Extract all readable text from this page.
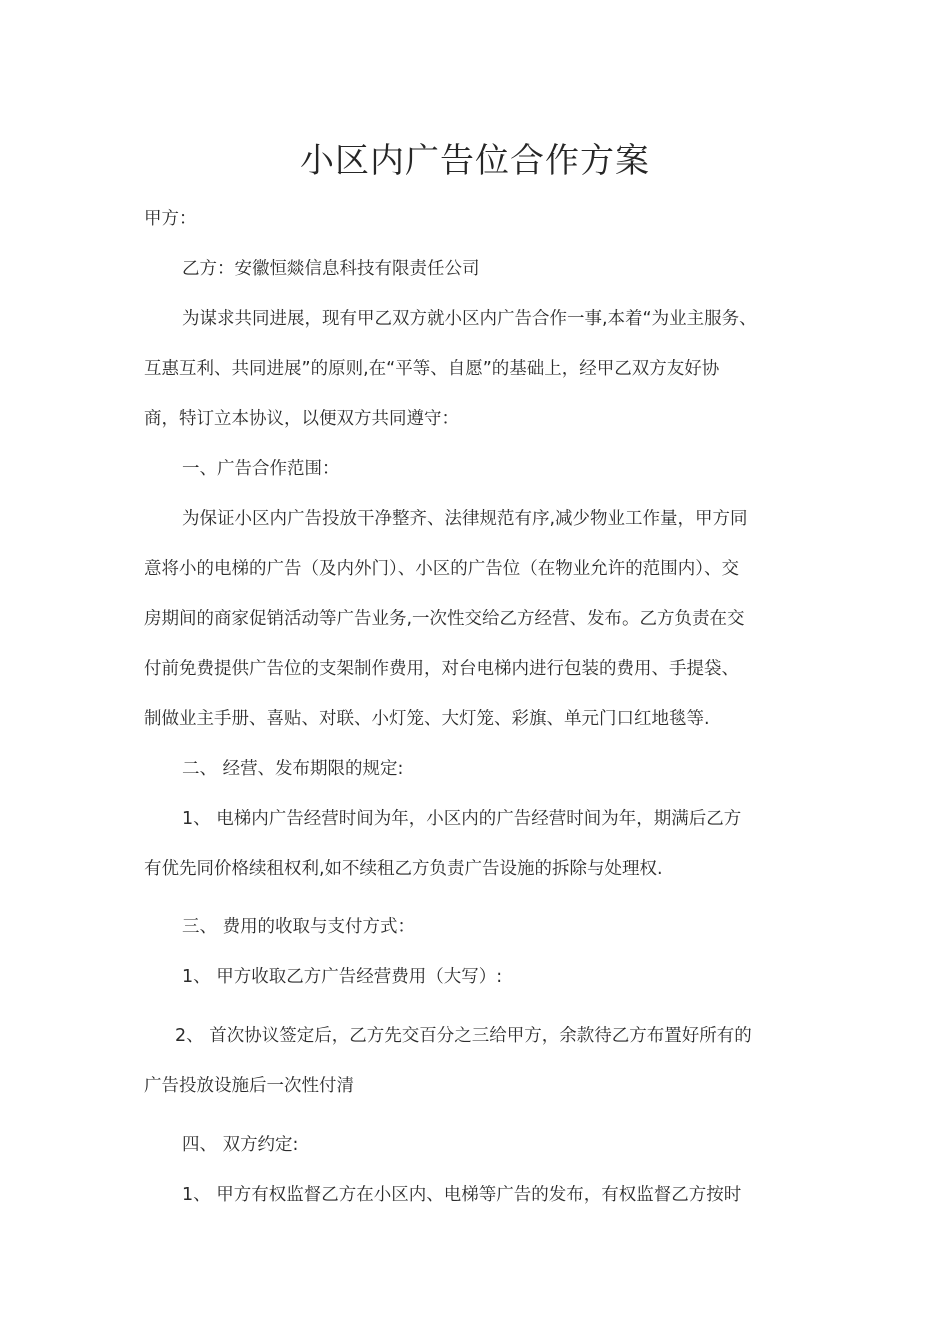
小区内广告位合作方案
甲方：
乙方：安徽恒燚信息科技有限责任公司
为谋求共同进展，现有甲乙双方就小区内广告合作一事,本着“为业主服务、
互惠互利、共同进展”的原则,在“平等、自愿”的基础上，经甲乙双方友好协
商，特订立本协议，以便双方共同遵守：
一、广告合作范围：
为保证小区内广告投放干净整齐、法律规范有序,减少物业工作量，甲方同
意将小的电梯的广告（及内外门）、小区的广告位（在物业允许的范围内）、交
房期间的商家促销活动等广告业务,一次性交给乙方经营、发布。乙方负责在交
付前免费提供广告位的支架制作费用，对台电梯内进行包装的费用、手提袋、
制做业主手册、喜贴、对联、小灯笼、大灯笼、彩旗、单元门口红地毯等.
二、 经营、发布期限的规定:
1、 电梯内广告经营时间为年，小区内的广告经营时间为年，期满后乙方
有优先同价格续租权利,如不续租乙方负责广告设施的拆除与处理权.
三、 费用的收取与支付方式：
1、 甲方收取乙方广告经营费用（大写）:
2、 首次协议签定后，乙方先交百分之三给甲方，余款待乙方布置好所有的
广告投放设施后一次性付清
四、 双方约定:
1、 甲方有权监督乙方在小区内、电梯等广告的发布，有权监督乙方按时
